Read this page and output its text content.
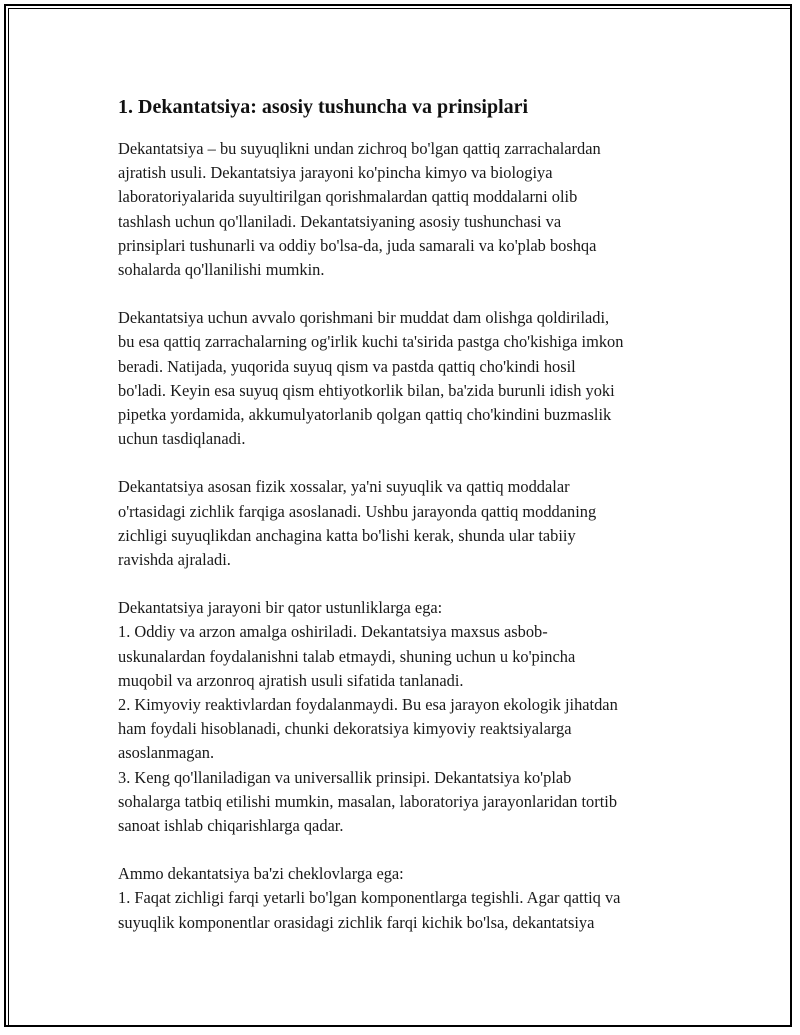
1. Dekantatsiya: asosiy tushuncha va prinsiplari
Dekantatsiya – bu suyuqlikni undan zichroq bo'lgan qattiq zarrachalardan
ajratish usuli. Dekantatsiya jarayoni ko'pincha kimyo va biologiya
laboratoriyalarida suyultirilgan qorishmalardan qattiq moddalarni olib
tashlash uchun qo'llaniladi. Dekantatsiyaning asosiy tushunchasi va
prinsiplari tushunarli va oddiy bo'lsa-da, juda samarali va ko'plab boshqa
sohalarda qo'llanilishi mumkin.
Dekantatsiya uchun avvalo qorishmani bir muddat dam olishga qoldiriladi,
bu esa qattiq zarrachalarning og'irlik kuchi ta'sirida pastga cho'kishiga imkon
beradi. Natijada, yuqorida suyuq qism va pastda qattiq cho'kindi hosil
bo'ladi. Keyin esa suyuq qism ehtiyotkorlik bilan, ba'zida burunli idish yoki
pipetka yordamida, akkumulyatorlanib qolgan qattiq cho'kindini buzmaslik
uchun tasdiqlanadi.
Dekantatsiya asosan fizik xossalar, ya'ni suyuqlik va qattiq moddalar
o'rtasidagi zichlik farqiga asoslanadi. Ushbu jarayonda qattiq moddaning
zichligi suyuqlikdan anchagina katta bo'lishi kerak, shunda ular tabiiy
ravishda ajraladi.
Dekantatsiya jarayoni bir qator ustunliklarga ega:
1. Oddiy va arzon amalga oshiriladi. Dekantatsiya maxsus asbob-
uskunalardan foydalanishni talab etmaydi, shuning uchun u ko'pincha
muqobil va arzonroq ajratish usuli sifatida tanlanadi.
2. Kimyoviy reaktivlardan foydalanmaydi. Bu esa jarayon ekologik jihatdan
ham foydali hisoblanadi, chunki dekoratsiya kimyoviy reaktsiyalarga
asoslanmagan.
3. Keng qo'llaniladigan va universallik prinsipi. Dekantatsiya ko'plab
sohalarga tatbiq etilishi mumkin, masalan, laboratoriya jarayonlaridan tortib
sanoat ishlab chiqarishlarga qadar.
Ammo dekantatsiya ba'zi cheklovlarga ega:
1. Faqat zichligi farqi yetarli bo'lgan komponentlarga tegishli. Agar qattiq va
suyuqlik komponentlar orasidagi zichlik farqi kichik bo'lsa, dekantatsiya
